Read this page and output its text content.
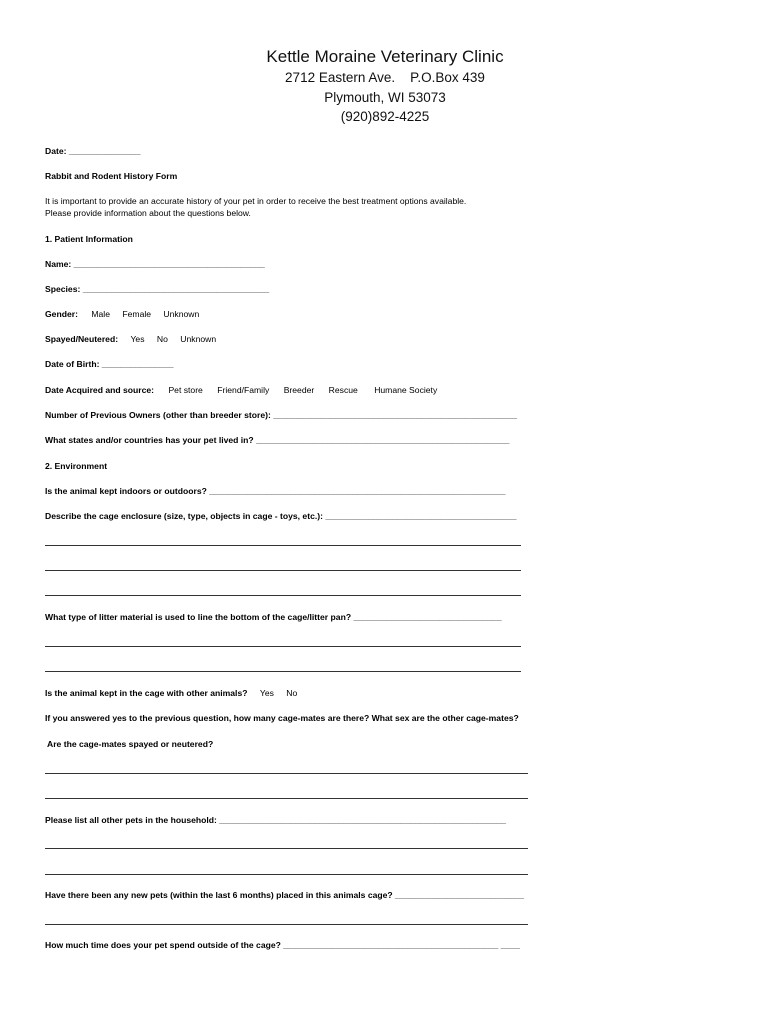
Kettle Moraine Veterinary Clinic
2712 Eastern Ave.    P.O.Box 439
Plymouth, WI 53073
(920)892-4225
Date: _______________
Rabbit and Rodent History Form
It is important to provide an accurate history of your pet in order to receive the best treatment options available.
Please provide information about the questions below.
1. Patient Information
Name: ________________________________________
Species: _______________________________________
Gender: Male Female Unknown
Spayed/Neutered: Yes No Unknown
Date of Birth: _______________
Date Acquired and source: Pet store Friend/Family Breeder Rescue Humane Society
Number of Previous Owners (other than breeder store): ___________________________________________________
What states and/or countries has your pet lived in? _____________________________________________________
2. Environment
Is the animal kept indoors or outdoors? ______________________________________________________________
Describe the cage enclosure (size, type, objects in cage - toys, etc.): ________________________________________
What type of litter material is used to line the bottom of the cage/litter pan? _______________________________
Is the animal kept in the cage with other animals? Yes No
If you answered yes to the previous question, how many cage-mates are there? What sex are the other cage-mates?
Are the cage-mates spayed or neutered?
Please list all other pets in the household: ____________________________________________________________
Have there been any new pets (within the last 6 months) placed in this animals cage? ___________________________
How much time does your pet spend outside of the cage? _____________________________________________ ____
